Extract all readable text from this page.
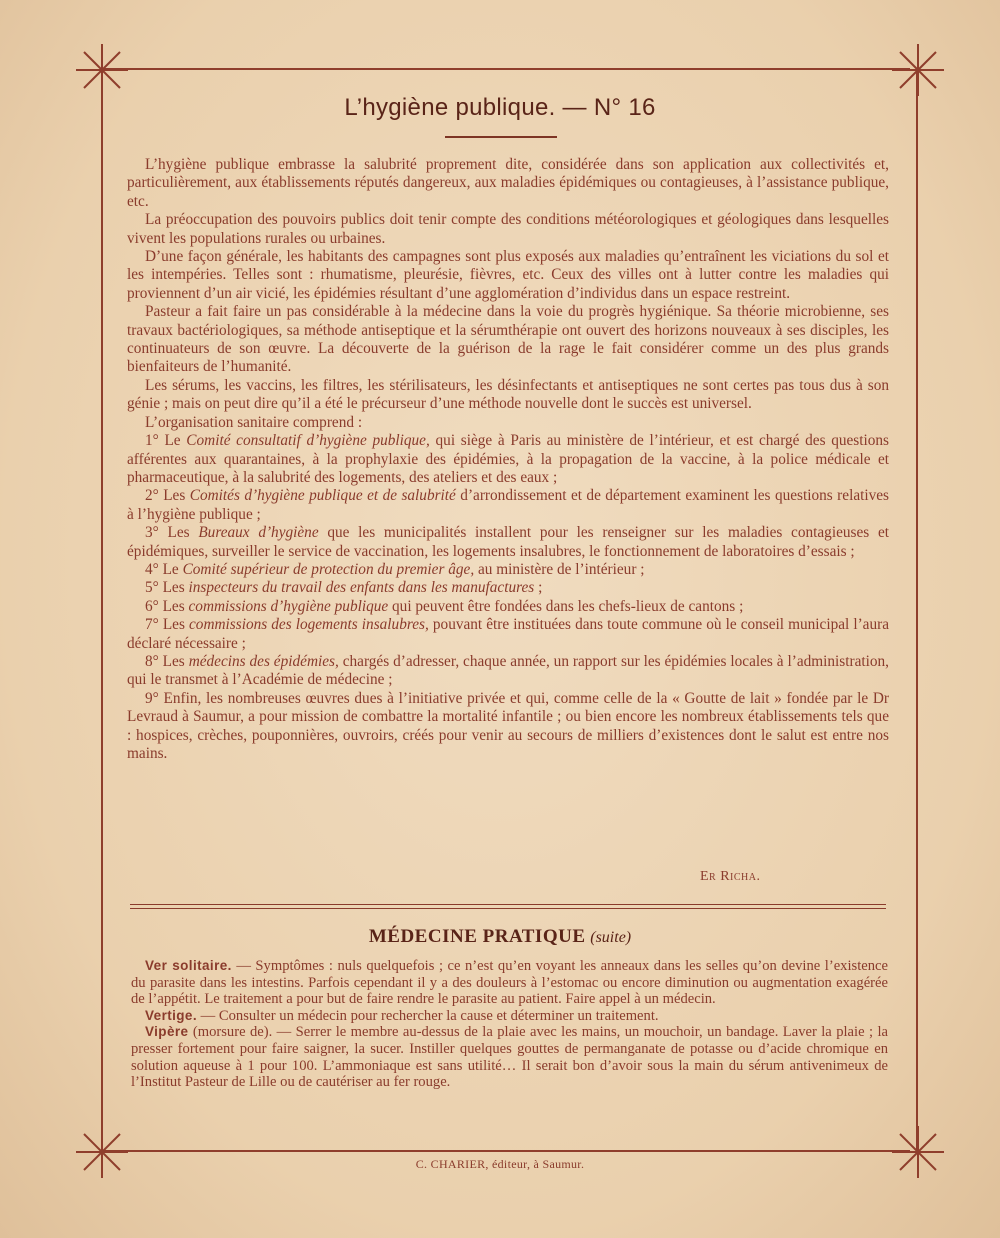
L’hygiène publique. — N° 16

L’hygiène publique embrasse la salubrité proprement dite, considérée dans son application aux collectivités et, particulièrement, aux établissements réputés dangereux, aux maladies épidémiques ou contagieuses, à l’assistance publique, etc.

La préoccupation des pouvoirs publics doit tenir compte des conditions météorologiques et géologiques dans lesquelles vivent les populations rurales ou urbaines.

D’une façon générale, les habitants des campagnes sont plus exposés aux maladies qu’entraînent les viciations du sol et les intempéries. Telles sont : rhumatisme, pleurésie, fièvres, etc. Ceux des villes ont à lutter contre les maladies qui proviennent d’un air vicié, les épidémies résultant d’une agglomération d’individus dans un espace restreint.

Pasteur a fait faire un pas considérable à la médecine dans la voie du progrès hygiénique. Sa théorie microbienne, ses travaux bactériologiques, sa méthode antiseptique et la sérumthérapie ont ouvert des horizons nouveaux à ses disciples, les continuateurs de son œuvre. La découverte de la guérison de la rage le fait considérer comme un des plus grands bienfaiteurs de l’humanité.

Les sérums, les vaccins, les filtres, les stérilisateurs, les désinfectants et antiseptiques ne sont certes pas tous dus à son génie ; mais on peut dire qu’il a été le précurseur d’une méthode nouvelle dont le succès est universel.

L’organisation sanitaire comprend :

1° Le Comité consultatif d’hygiène publique, qui siège à Paris au ministère de l’intérieur, et est chargé des questions afférentes aux quarantaines, à la prophylaxie des épidémies, à la propagation de la vaccine, à la police médicale et pharmaceutique, à la salubrité des logements, des ateliers et des eaux ;

2° Les Comités d’hygiène publique et de salubrité d’arrondissement et de département examinent les questions relatives à l’hygiène publique ;

3° Les Bureaux d’hygiène que les municipalités installent pour les renseigner sur les maladies contagieuses et épidémiques, surveiller le service de vaccination, les logements insalubres, le fonctionnement de laboratoires d’essais ;

4° Le Comité supérieur de protection du premier âge, au ministère de l’intérieur ;

5° Les inspecteurs du travail des enfants dans les manufactures ;

6° Les commissions d’hygiène publique qui peuvent être fondées dans les chefs-lieux de cantons ;

7° Les commissions des logements insalubres, pouvant être instituées dans toute commune où le conseil municipal l’aura déclaré nécessaire ;

8° Les médecins des épidémies, chargés d’adresser, chaque année, un rapport sur les épidémies locales à l’administration, qui le transmet à l’Académie de médecine ;

9° Enfin, les nombreuses œuvres dues à l’initiative privée et qui, comme celle de la « Goutte de lait » fondée par le Dr Levraud à Saumur, a pour mission de combattre la mortalité infantile ; ou bien encore les nombreux établissements tels que : hospices, crèches, pouponnières, ouvroirs, créés pour venir au secours de milliers d’existences dont le salut est entre nos mains.

Er Richa.
MÉDECINE PRATIQUE (suite)

Ver solitaire. — Symptômes : nuls quelquefois ; ce n’est qu’en voyant les anneaux dans les selles qu’on devine l’existence du parasite dans les intestins. Parfois cependant il y a des douleurs à l’estomac ou encore diminution ou augmentation exagérée de l’appétit. Le traitement a pour but de faire rendre le parasite au patient. Faire appel à un médecin.

Vertige. — Consulter un médecin pour rechercher la cause et déterminer un traitement.

Vipère (morsure de). — Serrer le membre au-dessus de la plaie avec les mains, un mouchoir, un bandage. Laver la plaie ; la presser fortement pour faire saigner, la sucer. Instiller quelques gouttes de permanganate de potasse ou d’acide chromique en solution aqueuse à 1 pour 100. L’ammoniaque est sans utilité… Il serait bon d’avoir sous la main du sérum antivenimeux de l’Institut Pasteur de Lille ou de cautériser au fer rouge.

C. CHARIER, éditeur, à Saumur.
